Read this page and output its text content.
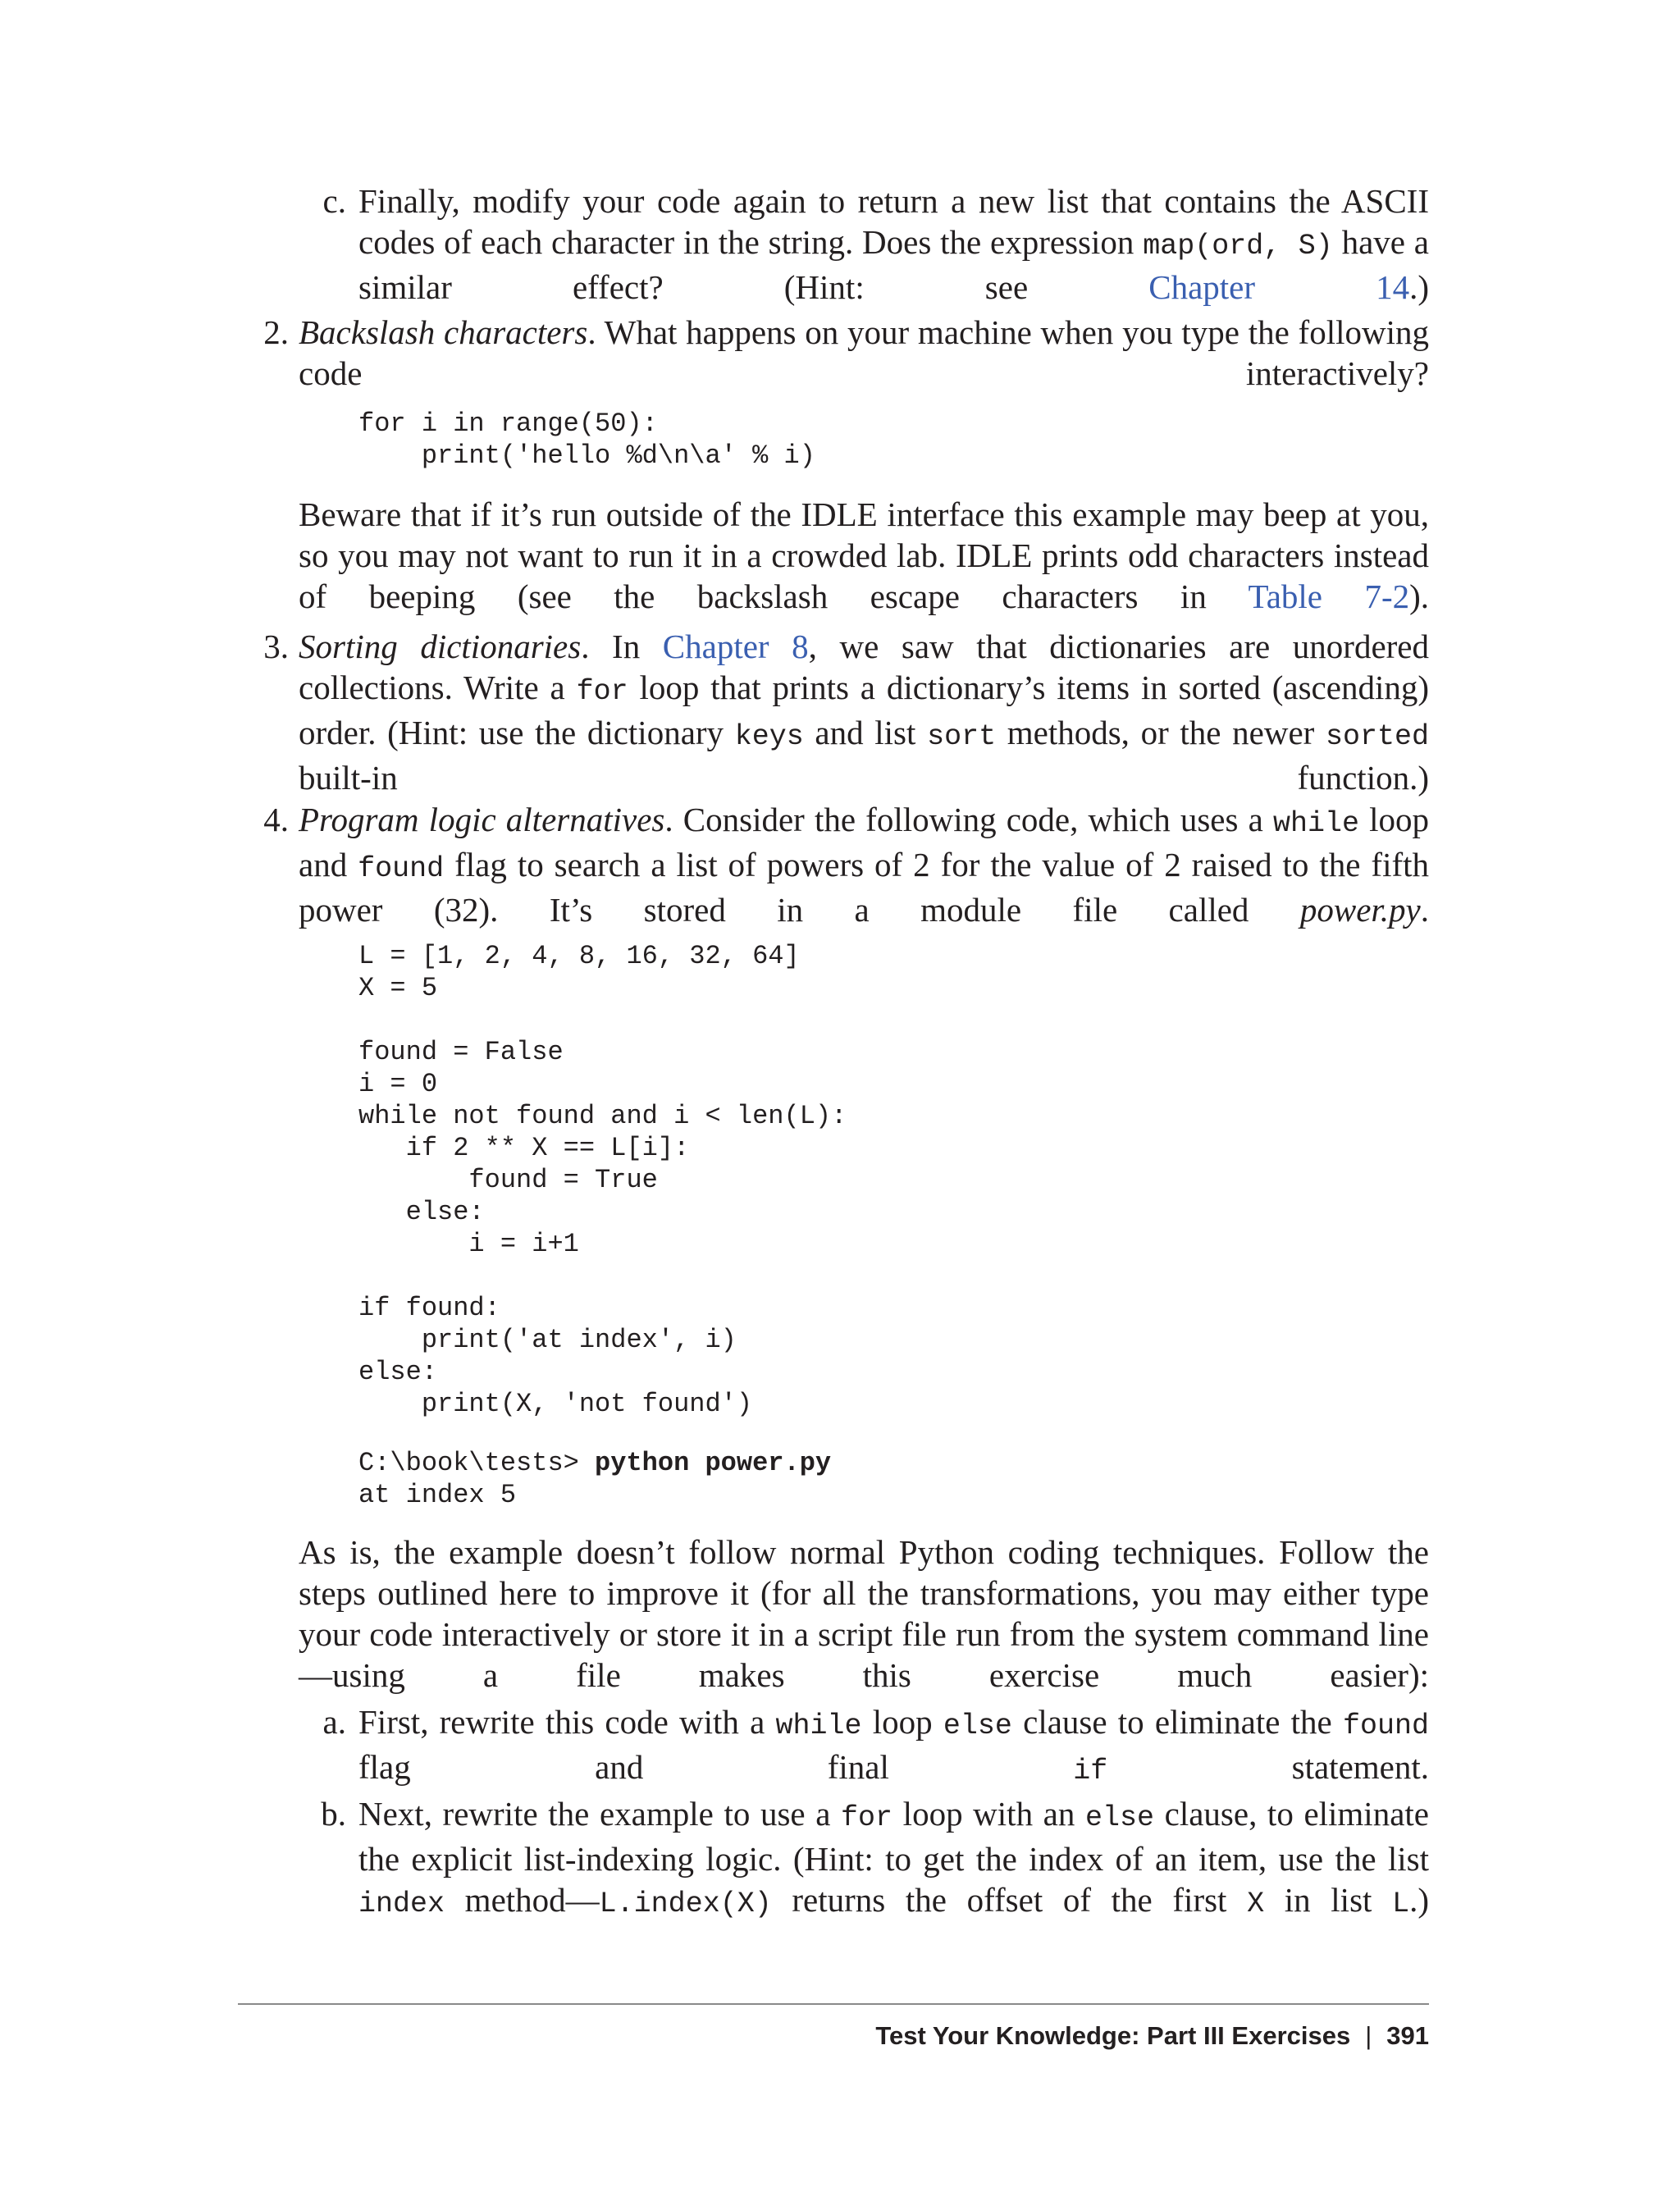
c. Finally, modify your code again to return a new list that contains the ASCII codes of each character in the string. Does the expression map(ord, S) have a similar effect? (Hint: see Chapter 14.)

2. Backslash characters. What happens on your machine when you type the following code interactively?

for i in range(50):
print('hello %d\n\a' % i)

Beware that if it’s run outside of the IDLE interface this example may beep at you, so you may not want to run it in a crowded lab. IDLE prints odd characters instead of beeping (see the backslash escape characters in Table 7-2).

3. Sorting dictionaries. In Chapter 8, we saw that dictionaries are unordered collections. Write a for loop that prints a dictionary’s items in sorted (ascending) order. (Hint: use the dictionary keys and list sort methods, or the newer sorted built-in function.)

4. Program logic alternatives. Consider the following code, which uses a while loop and found flag to search a list of powers of 2 for the value of 2 raised to the fifth power (32). It’s stored in a module file called power.py.

L = [1, 2, 4, 8, 16, 32, 64]
X = 5

found = False
i = 0
while not found and i < len(L):
if 2 ** X == L[i]:
found = True
else:
i = i+1

if found:
print('at index', i)
else:
print(X, 'not found')
C:\book\tests> python power.py
at index 5

As is, the example doesn’t follow normal Python coding techniques. Follow the steps outlined here to improve it (for all the transformations, you may either type your code interactively or store it in a script file run from the system command line—using a file makes this exercise much easier):

a. First, rewrite this code with a while loop else clause to eliminate the found flag and final if statement.

b. Next, rewrite the example to use a for loop with an else clause, to eliminate the explicit list-indexing logic. (Hint: to get the index of an item, use the list index method—L.index(X) returns the offset of the first X in list L.)

Test Your Knowledge: Part III Exercises | 391
